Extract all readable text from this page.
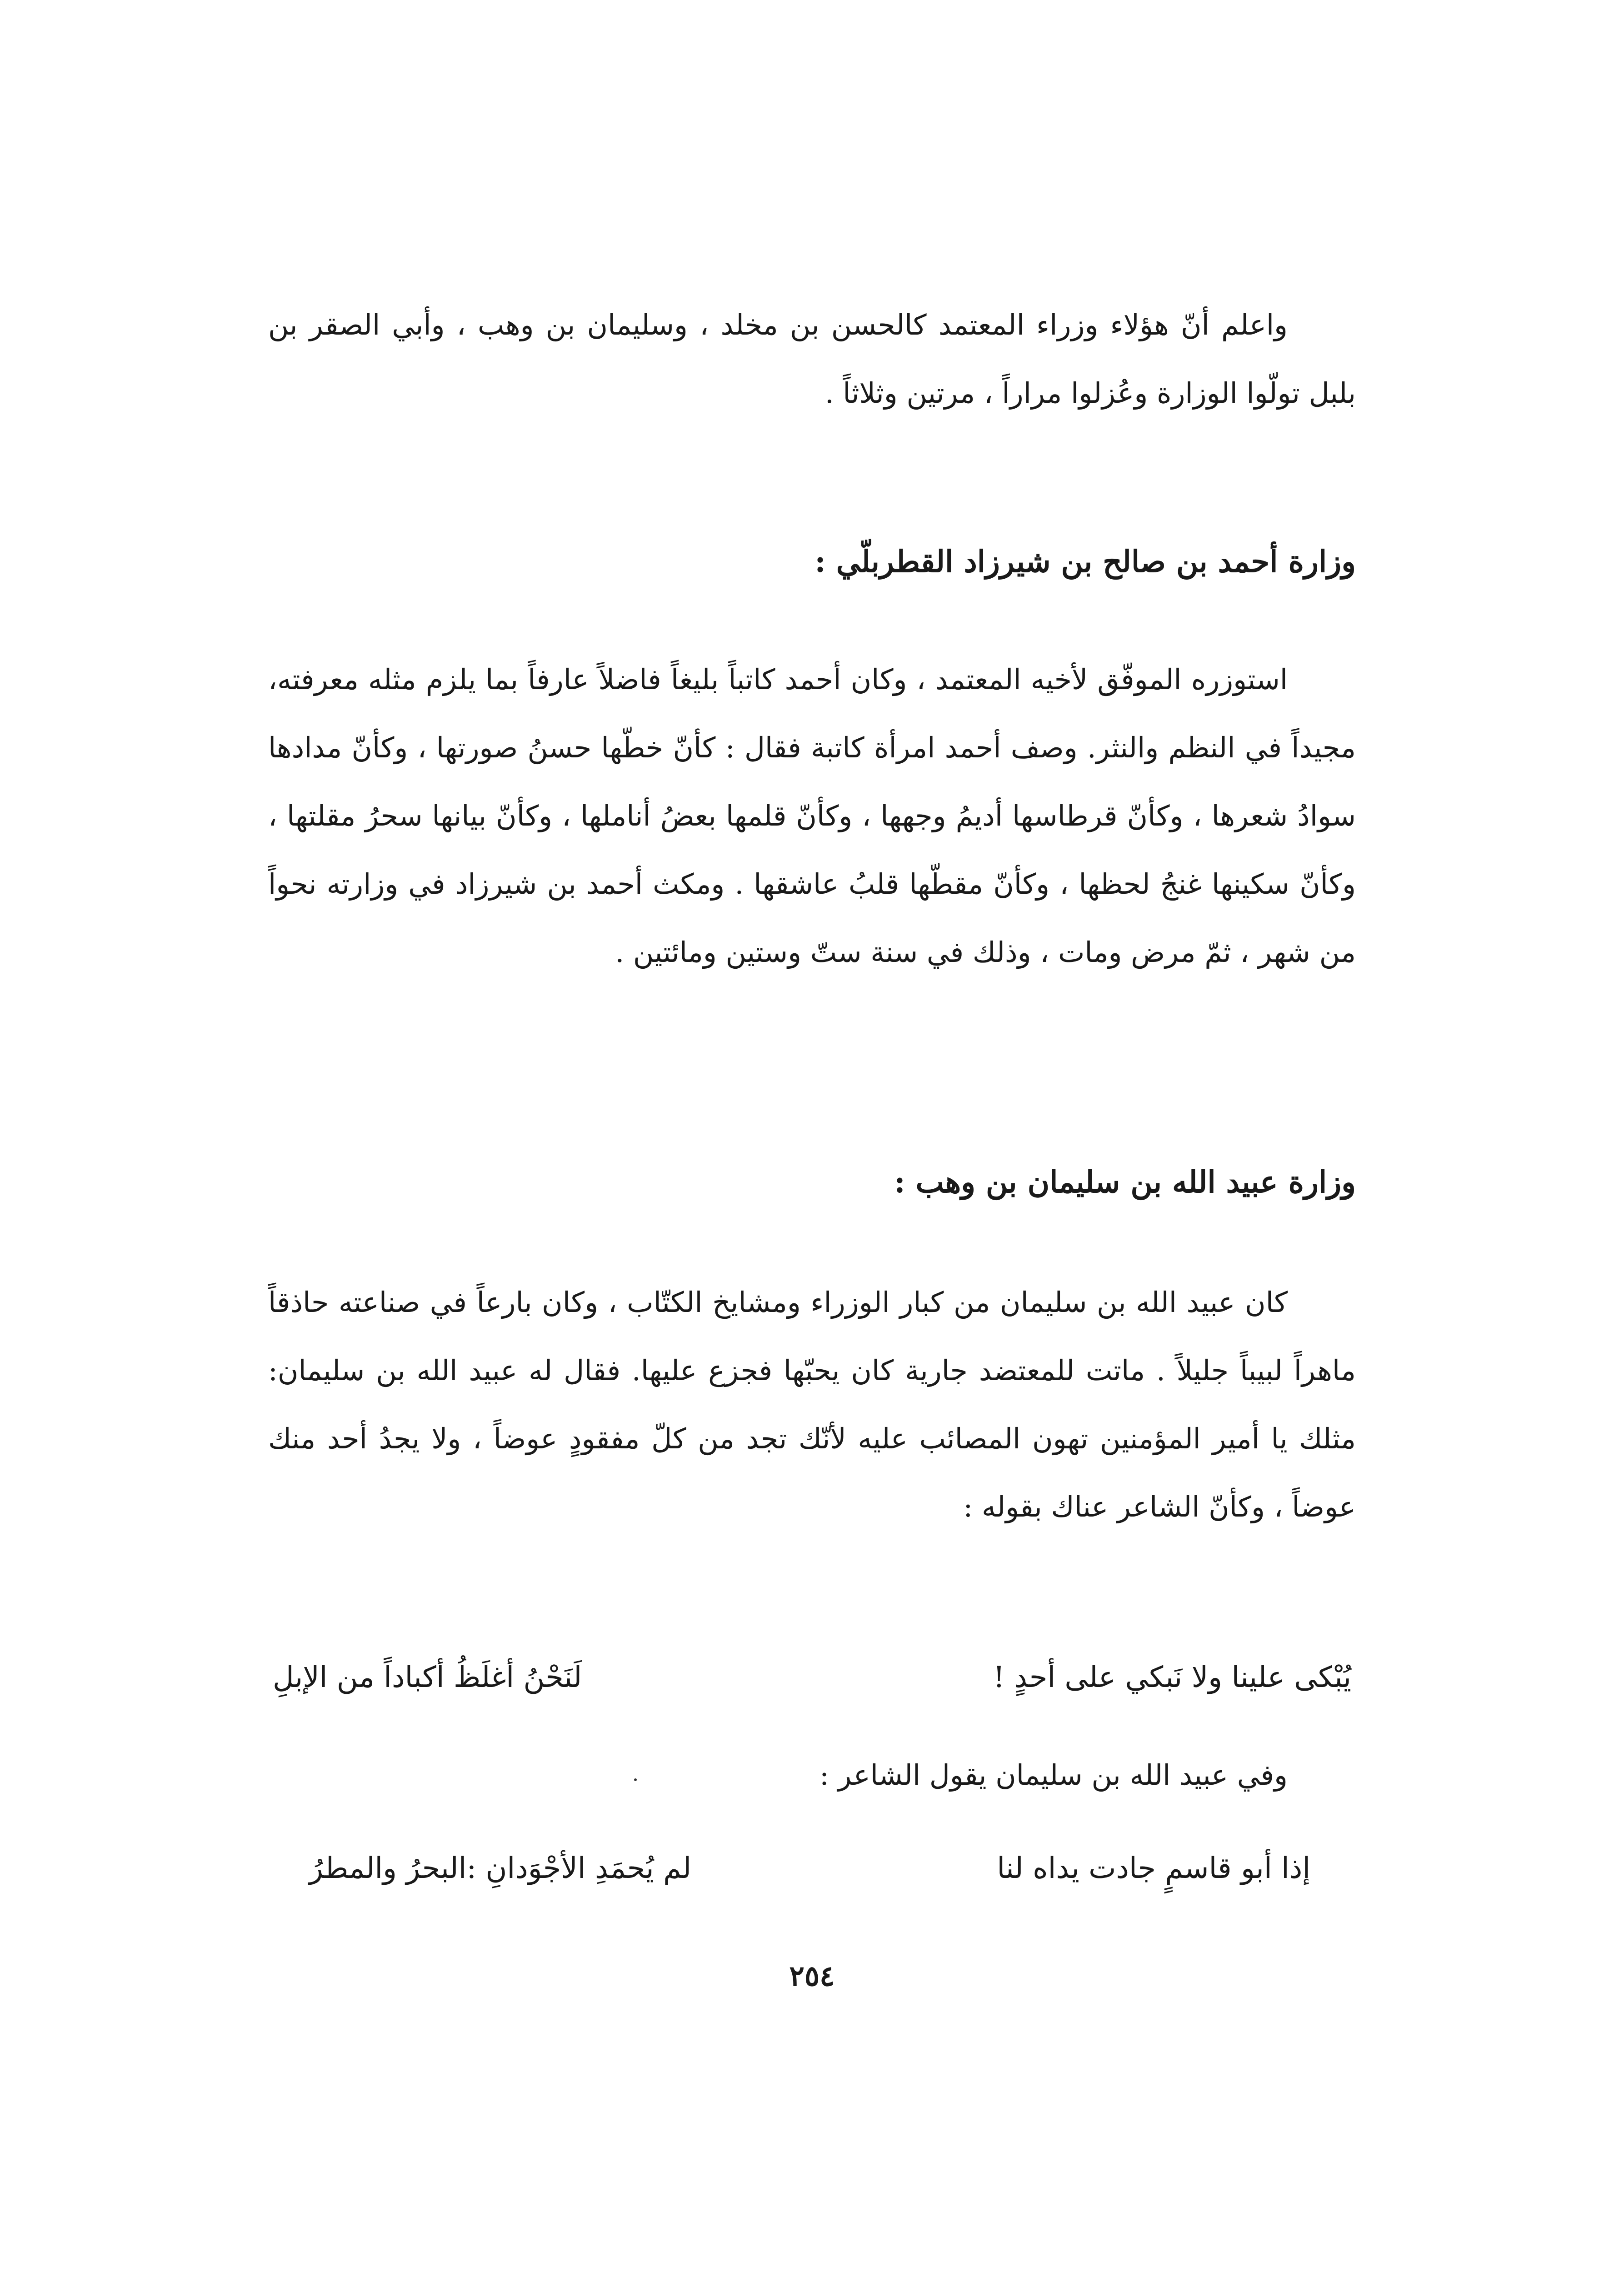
واعلم أنّ هؤلاء وزراء المعتمد كالحسن بن مخلد ، وسليمان بن وهب ، وأبي الصقر بن بلبل تولّوا الوزارة وعُزلوا مراراً ، مرتين وثلاثاً .
وزارة أحمد بن صالح بن شيرزاد القطربلّي :
استوزره الموفّق لأخيه المعتمد ، وكان أحمد كاتباً بليغاً فاضلاً عارفاً بما يلزم مثله معرفته، مجيداً في النظم والنثر. وصف أحمد امرأة كاتبة فقال : كأنّ خطّها حسنُ صورتها ، وكأنّ مدادها سوادُ شعرها ، وكأنّ قرطاسها أديمُ وجهها ، وكأنّ قلمها بعضُ أناملها ، وكأنّ بيانها سحرُ مقلتها ، وكأنّ سكينها غنجُ لحظها ، وكأنّ مقطّها قلبُ عاشقها . ومكث أحمد بن شيرزاد في وزارته نحواً من شهر ، ثمّ مرض ومات ، وذلك في سنة ستّ وستين ومائتين .
وزارة عبيد الله بن سليمان بن وهب :
كان عبيد الله بن سليمان من كبار الوزراء ومشايخ الكتّاب ، وكان بارعاً في صناعته حاذقاً ماهراً لبيباً جليلاً . ماتت للمعتضد جارية كان يحبّها فجزع عليها. فقال له عبيد الله بن سليمان: مثلك يا أمير المؤمنين تهون المصائب عليه لأنّك تجد من كلّ مفقودٍ عوضاً ، ولا يجدُ أحد منك عوضاً ، وكأنّ الشاعر عناك بقوله :
يُبْكى علينا ولا نَبكي على أحدٍ !
لَنَحْنُ أغلَظُ أكباداً من الإبلِ
وفي عبيد الله بن سليمان يقول الشاعر :
إذا أبو قاسمٍ جادت يداه لنا
لم يُحمَدِ الأجْوَدانِ :البحرُ والمطرُ
٢٥٤
